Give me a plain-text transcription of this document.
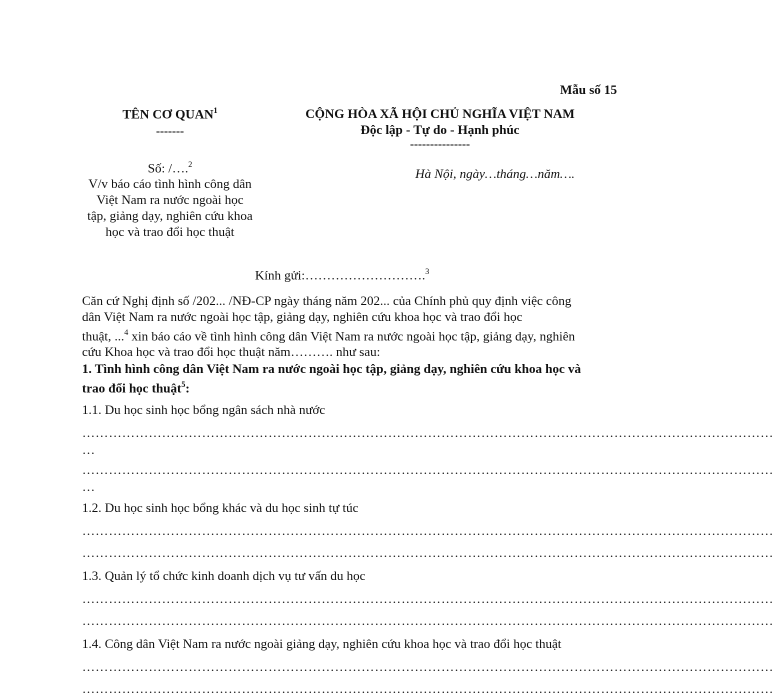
Mẫu số 15
TÊN CƠ QUAN$^1$
-------
CỘNG HÒA XÃ HỘI CHỦ NGHĨA VIỆT NAM
Độc lập - Tự do - Hạnh phúc
---------------
Số: /….$^2$
V/v báo cáo tình hình công dân
Việt Nam ra nước ngoài học
tập, giảng dạy, nghiên cứu khoa
học và trao đổi học thuật
Hà Nội, ngày…tháng…năm….
Kính gửi:……………………….$^3$
Căn cứ Nghị định số /202... /NĐ-CP ngày tháng năm 202... của Chính phủ quy định việc công
dân Việt Nam ra nước ngoài học tập, giảng dạy, nghiên cứu khoa học và trao đổi học
thuật, ...$^4$ xin báo cáo về tình hình công dân Việt Nam ra nước ngoài học tập, giảng dạy, nghiên
cứu Khoa học và trao đổi học thuật năm………. như sau:
1. Tình hình công dân Việt Nam ra nước ngoài học tập, giảng dạy, nghiên cứu khoa học và
trao đổi học thuật$^5$:
1.1. Du học sinh học bổng ngân sách nhà nước
…………………………………………………………………………………………………………………………………………
…
…………………………………………………………………………………………………………………………………………
…
1.2. Du học sinh học bổng khác và du học sinh tự túc
…………………………………………………………………………………………………………………………………………
…………………………………………………………………………………………………………………………………………
1.3. Quản lý tổ chức kinh doanh dịch vụ tư vấn du học
…………………………………………………………………………………………………………………………………………
…………………………………………………………………………………………………………………………………………
1.4. Công dân Việt Nam ra nước ngoài giảng dạy, nghiên cứu khoa học và trao đổi học thuật
…………………………………………………………………………………………………………………………………………
…………………………………………………………………………………………………………………………………………
